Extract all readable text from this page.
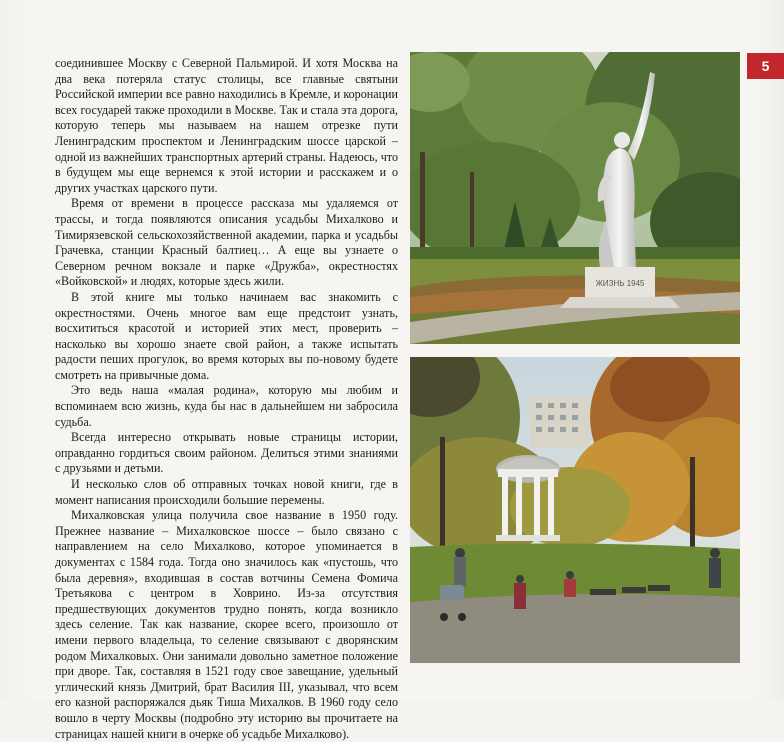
соединившее Москву с Северной Пальмирой. И хотя Москва на два века потеряла статус столицы, все главные святыни Российской империи все равно находились в Кремле, и коронации всех государей также проходили в Москве. Так и стала эта дорога, которую теперь мы называем на нашем отрезке пути Ленинградским проспектом и Ленинградским шоссе царской – одной из важнейших транспортных артерий страны. Надеюсь, что в будущем мы еще вернемся к этой истории и расскажем и о других участках царского пути.

Время от времени в процессе рассказа мы удаляемся от трассы, и тогда появляются описания усадьбы Михалково и Тимирязевской сельскохозяйственной академии, парка и усадьбы Грачевка, станции Красный балтиец… А еще вы узнаете о Северном речном вокзале и парке «Дружба», окрестностях «Войковской» и людях, которые здесь жили.

В этой книге мы только начинаем вас знакомить с окрестностями. Очень многое вам еще предстоит узнать, восхититься красотой и историей этих мест, проверить – насколько вы хорошо знаете свой район, а также испытать радости пеших прогулок, во время которых вы по-новому будете смотреть на привычные дома.

Это ведь наша «малая родина», которую мы любим и вспоминаем всю жизнь, куда бы нас в дальнейшем ни забросила судьба.

Всегда интересно открывать новые страницы истории, оправданно гордиться своим районом. Делиться этими знаниями с друзьями и детьми.

И несколько слов об отправных точках новой книги, где в момент написания происходили большие перемены.

Михалковская улица получила свое название в 1950 году. Прежнее название – Михалковское шоссе – было связано с направлением на село Михалково, которое упоминается в документах с 1584 года. Тогда оно значилось как «пустошь, что была деревня», входившая в состав вотчины Семена Фомича Третьякова с центром в Ховрино. Из-за отсутствия предшествующих документов трудно понять, когда возникло здесь селение. Так как название, скорее всего, произошло от имени первого владельца, то селение связывают с дворянским родом Михалковых. Они занимали довольно заметное положение при дворе. Так, составляя в 1521 году свое завещание, удельный углический князь Дмитрий, брат Василия III, указывал, что всем его казной распоряжался дьяк Тиша Михалков. В 1960 году село вошло в черту Москвы (подробно эту историю вы прочитаете на страницах нашей книги в очерке об усадьбе Михалково).

5
ЖИЗНЬ 1945
